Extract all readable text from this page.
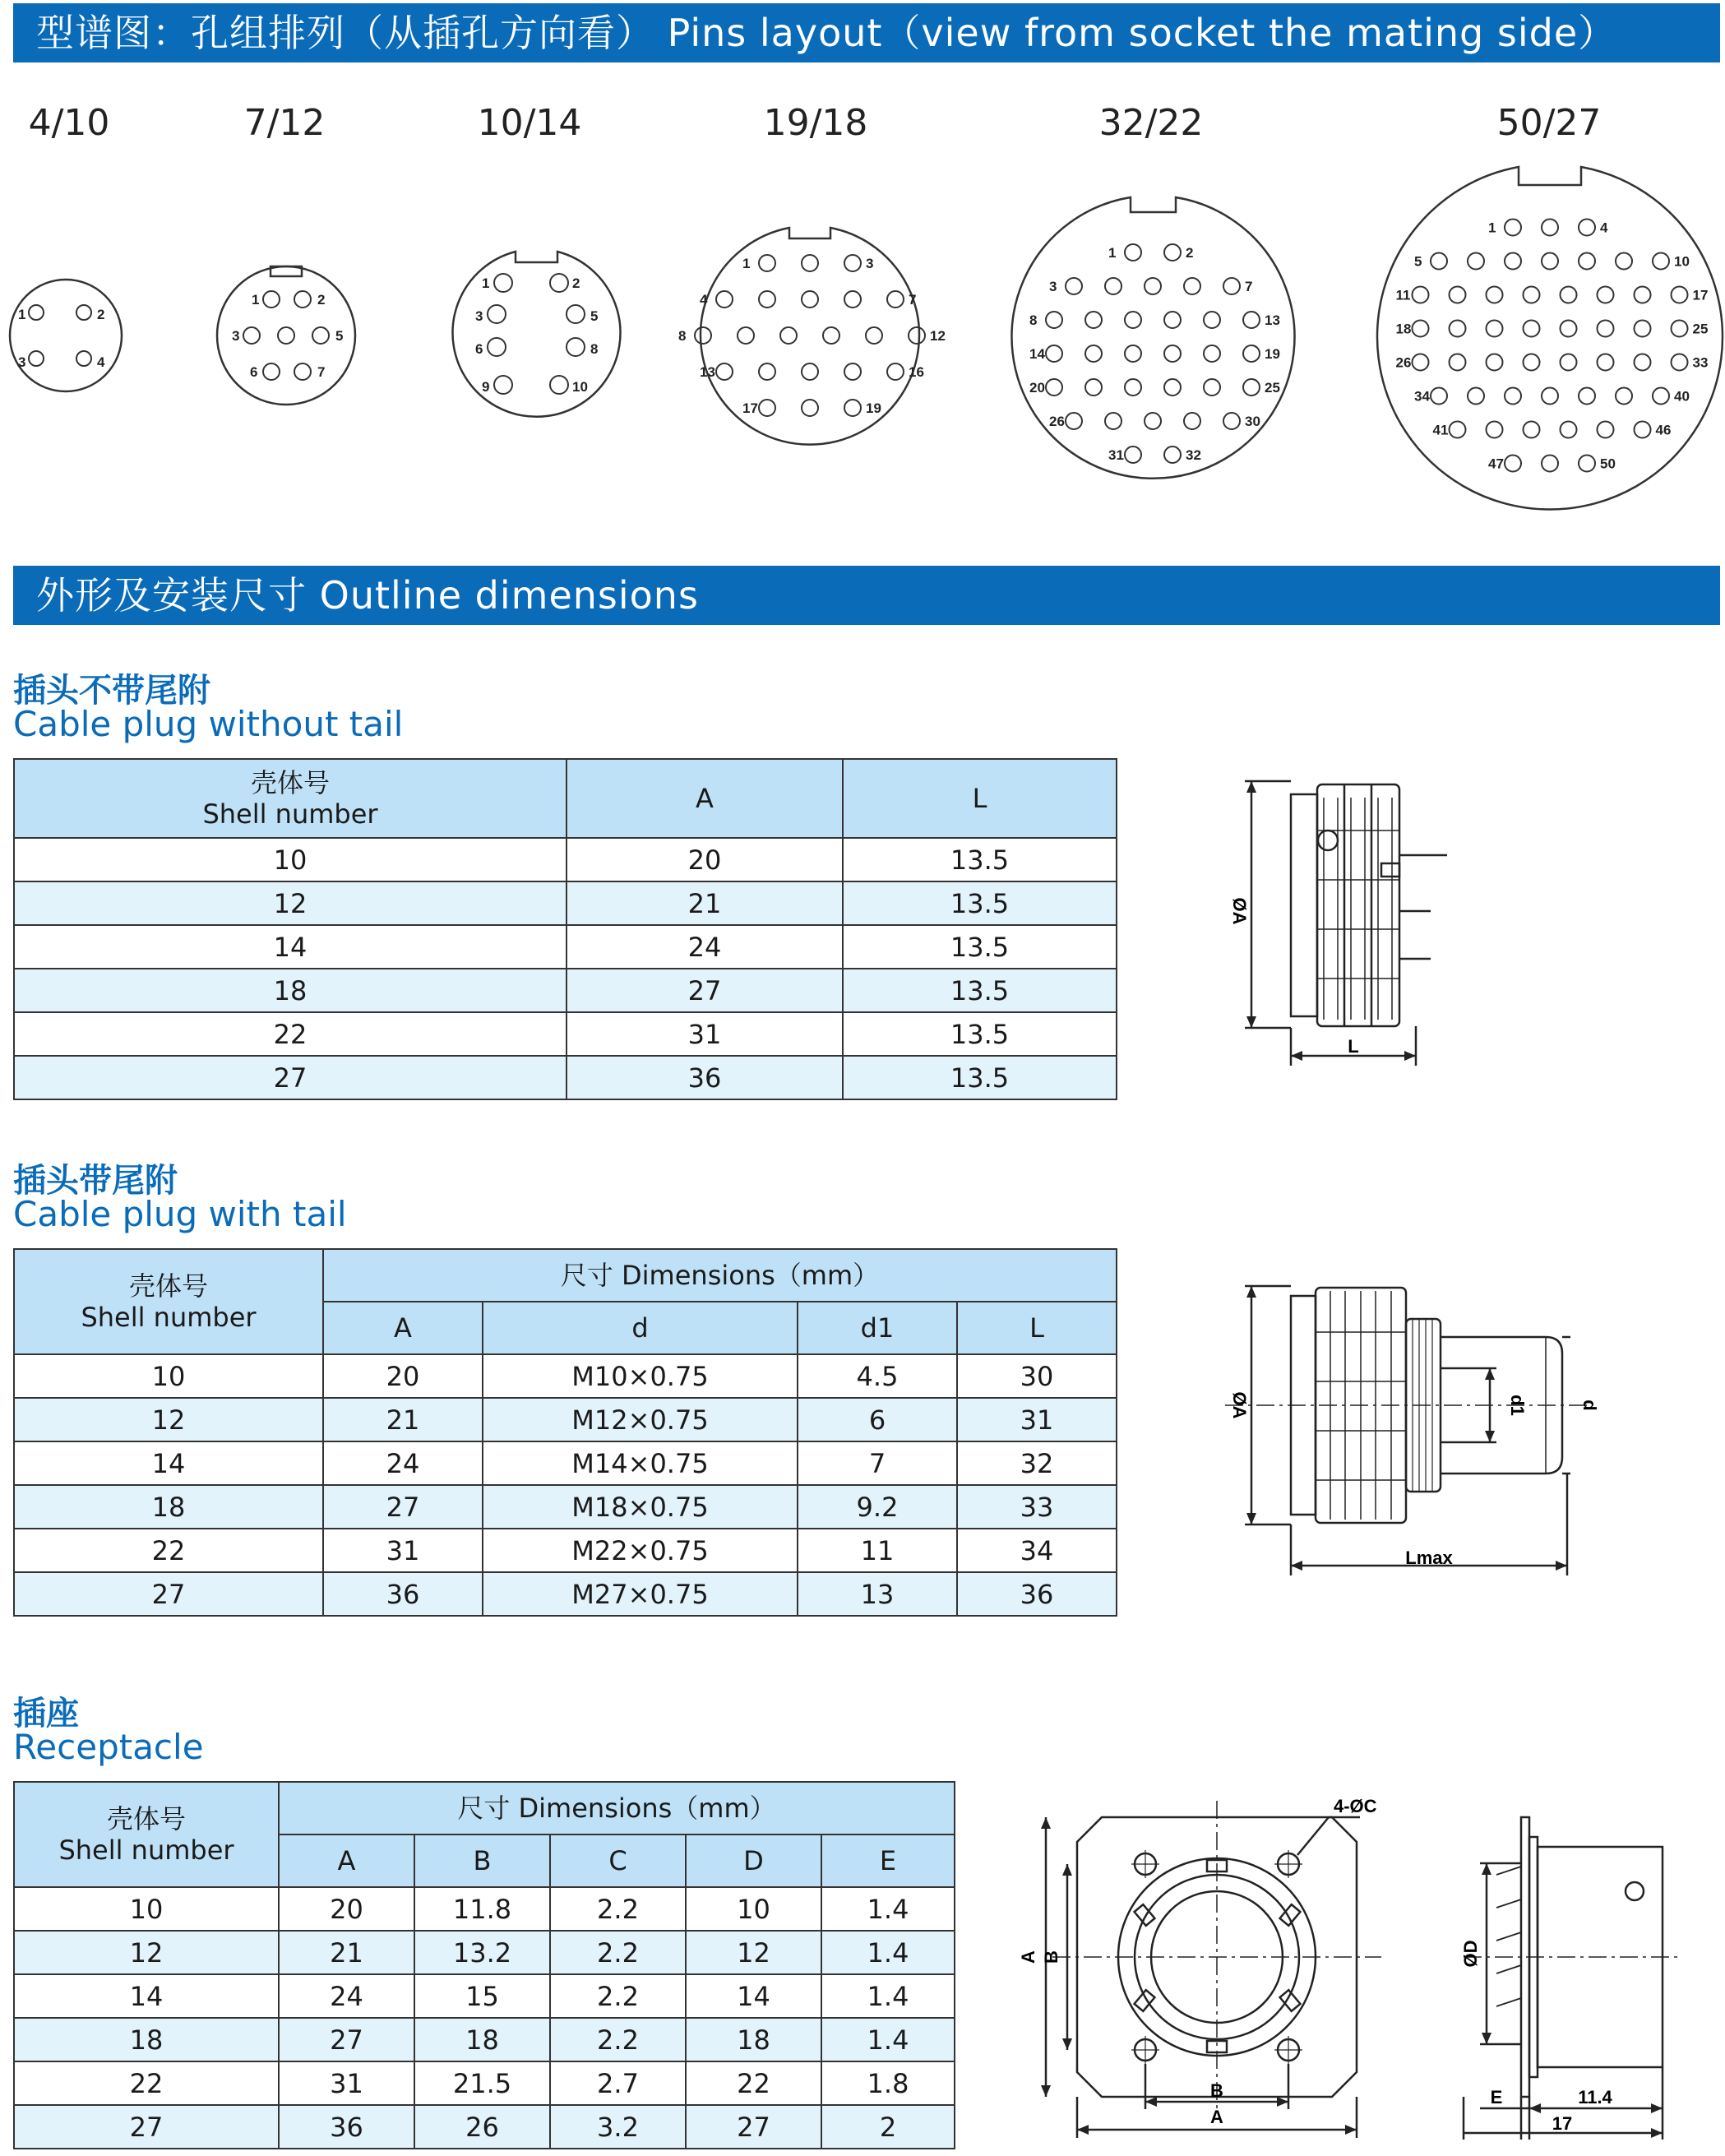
型谱图：孔组排列（从插孔方向看） Pins layout（view from socket the mating side）
4/10	7/12	10/14	19/18	32/22	50/27
1	2
3	4
1	2
3	5
6	7
1	2
3	5
6	8
9	10
1	3
4	7
8	12
13	16
17	19
1	2
3	7
8	13
14	19
20	25
26	30
31	32
1	4
5	10
11	17
18	25
26	33
34	40
41	46
47	50
外形及安装尺寸 Outline dimensions
插头不带尾附
Cable plug without tail
壳体号
Shell number	A	L
10	20	13.5
12	21	13.5
14	24	13.5
18	27	13.5
22	31	13.5
27	36	13.5
ØA
L
插头带尾附
Cable plug with tail
壳体号
Shell number	尺寸 Dimensions（mm）			
	A	d	d1	L
10	20	M10×0.75	4.5	30
12	21	M12×0.75	6	31
14	24	M14×0.75	7	32
18	27	M18×0.75	9.2	33
22	31	M22×0.75	11	34
27	36	M27×0.75	13	36
ØA	d1	d
Lmax
插座
Receptacle
壳体号
Shell number	尺寸 Dimensions（mm）				
	A	B	C	D	E
10	20	11.8	2.2	10	1.4
12	21	13.2	2.2	12	1.4
14	24	15	2.2	14	1.4
18	27	18	2.2	18	1.4
22	31	21.5	2.7	22	1.8
27	36	26	3.2	27	2
A B
A
B
4-ØC
ØD
E	11.4
17
